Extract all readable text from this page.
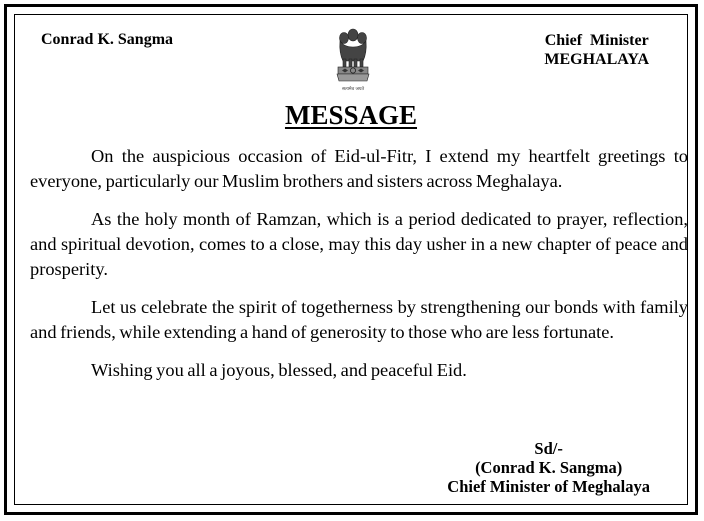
Conrad K. Sangma
सत्यमेव जयते
Chief  Minister
MEGHALAYA
MESSAGE

On the auspicious occasion of Eid-ul-Fitr, I extend my heartfelt greetings to everyone, particularly our Muslim brothers and sisters across Meghalaya.

As the holy month of Ramzan, which is a period dedicated to prayer, reflection, and spiritual devotion, comes to a close, may this day usher in a new chapter of peace and prosperity.

Let us celebrate the spirit of togetherness by strengthening our bonds with family and friends, while extending a hand of generosity to those who are less fortunate.

Wishing you all a joyous, blessed, and peaceful Eid.

Sd/-
(Conrad K. Sangma)
Chief Minister of Meghalaya
